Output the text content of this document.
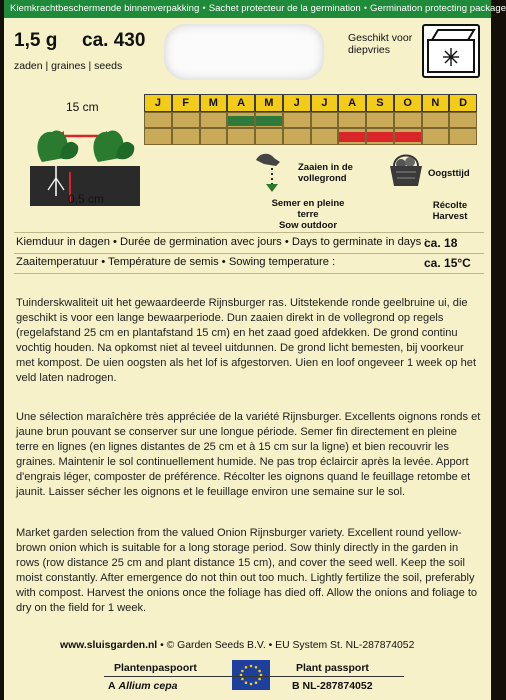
Kiemkrachtbeschermende binnenverpakking • Sachet protecteur de la germination • Germination protecting package
1,5 g ca. 430
zaden | graines | seeds
Geschikt voor diepvries
15 cm
0,5 cm
J	F	M	A	M	J	J	A	S	O	N	D
Zaaien in de vollegrond
Semer en pleine terre
Sow outdoor
Oogsttijd
Récolte
Harvest
Kiemduur in dagen • Durée de germination avec jours • Days to germinate in days :
ca. 18
Zaaitemperatuur • Température de semis • Sowing temperature :	ca. 15°C

Tuinderskwaliteit uit het gewaardeerde Rijnsburger ras. Uitstekende ronde geelbruine ui, die geschikt is voor een lange bewaarperiode. Dun zaaien direkt in de vollegrond op regels (regelafstand 25 cm en plantafstand 15 cm) en het zaad goed afdekken. De grond continu vochtig houden. Na opkomst niet al teveel uitdunnen. De grond licht bemesten, bij voorkeur met kompost. De uien oogsten als het lof is afgestorven. Uien en loof ongeveer 1 week op het veld laten nadrogen.

Une sélection maraîchère très appréciée de la variété Rijnsburger. Excellents oignons ronds et jaune brun pouvant se conserver sur une longue période. Semer fin directement en pleine terre en lignes (en lignes distantes de 25 cm et à 15 cm sur la ligne) et bien recouvrir les graines. Maintenir le sol continuellement humide. Ne pas trop éclaircir après la levée. Apport d'engrais léger, composter de préférence. Récolter les oignons quand le feuillage retombe et jaunit. Laisser sécher les oignons et le feuillage environ une semaine sur le sol.

Market garden selection from the valued Onion Rijnsburger variety. Excellent round yellow-brown onion which is suitable for a long storage period. Sow thinly directly in the garden in rows (row distance 25 cm and plant distance 15 cm), and cover the seed well. Keep the soil moist constantly. After emergence do not thin out too much. Lightly fertilize the soil, preferably with compost. Harvest the onions once the foliage has died off. Allow the onions and foliage to dry on the field for 1 week.

www.sluisgarden.nl • © Garden Seeds B.V. • EU System St. NL-287874052
Plantenpaspoort
A Allium cepa
Plant passport
B NL-287874052
